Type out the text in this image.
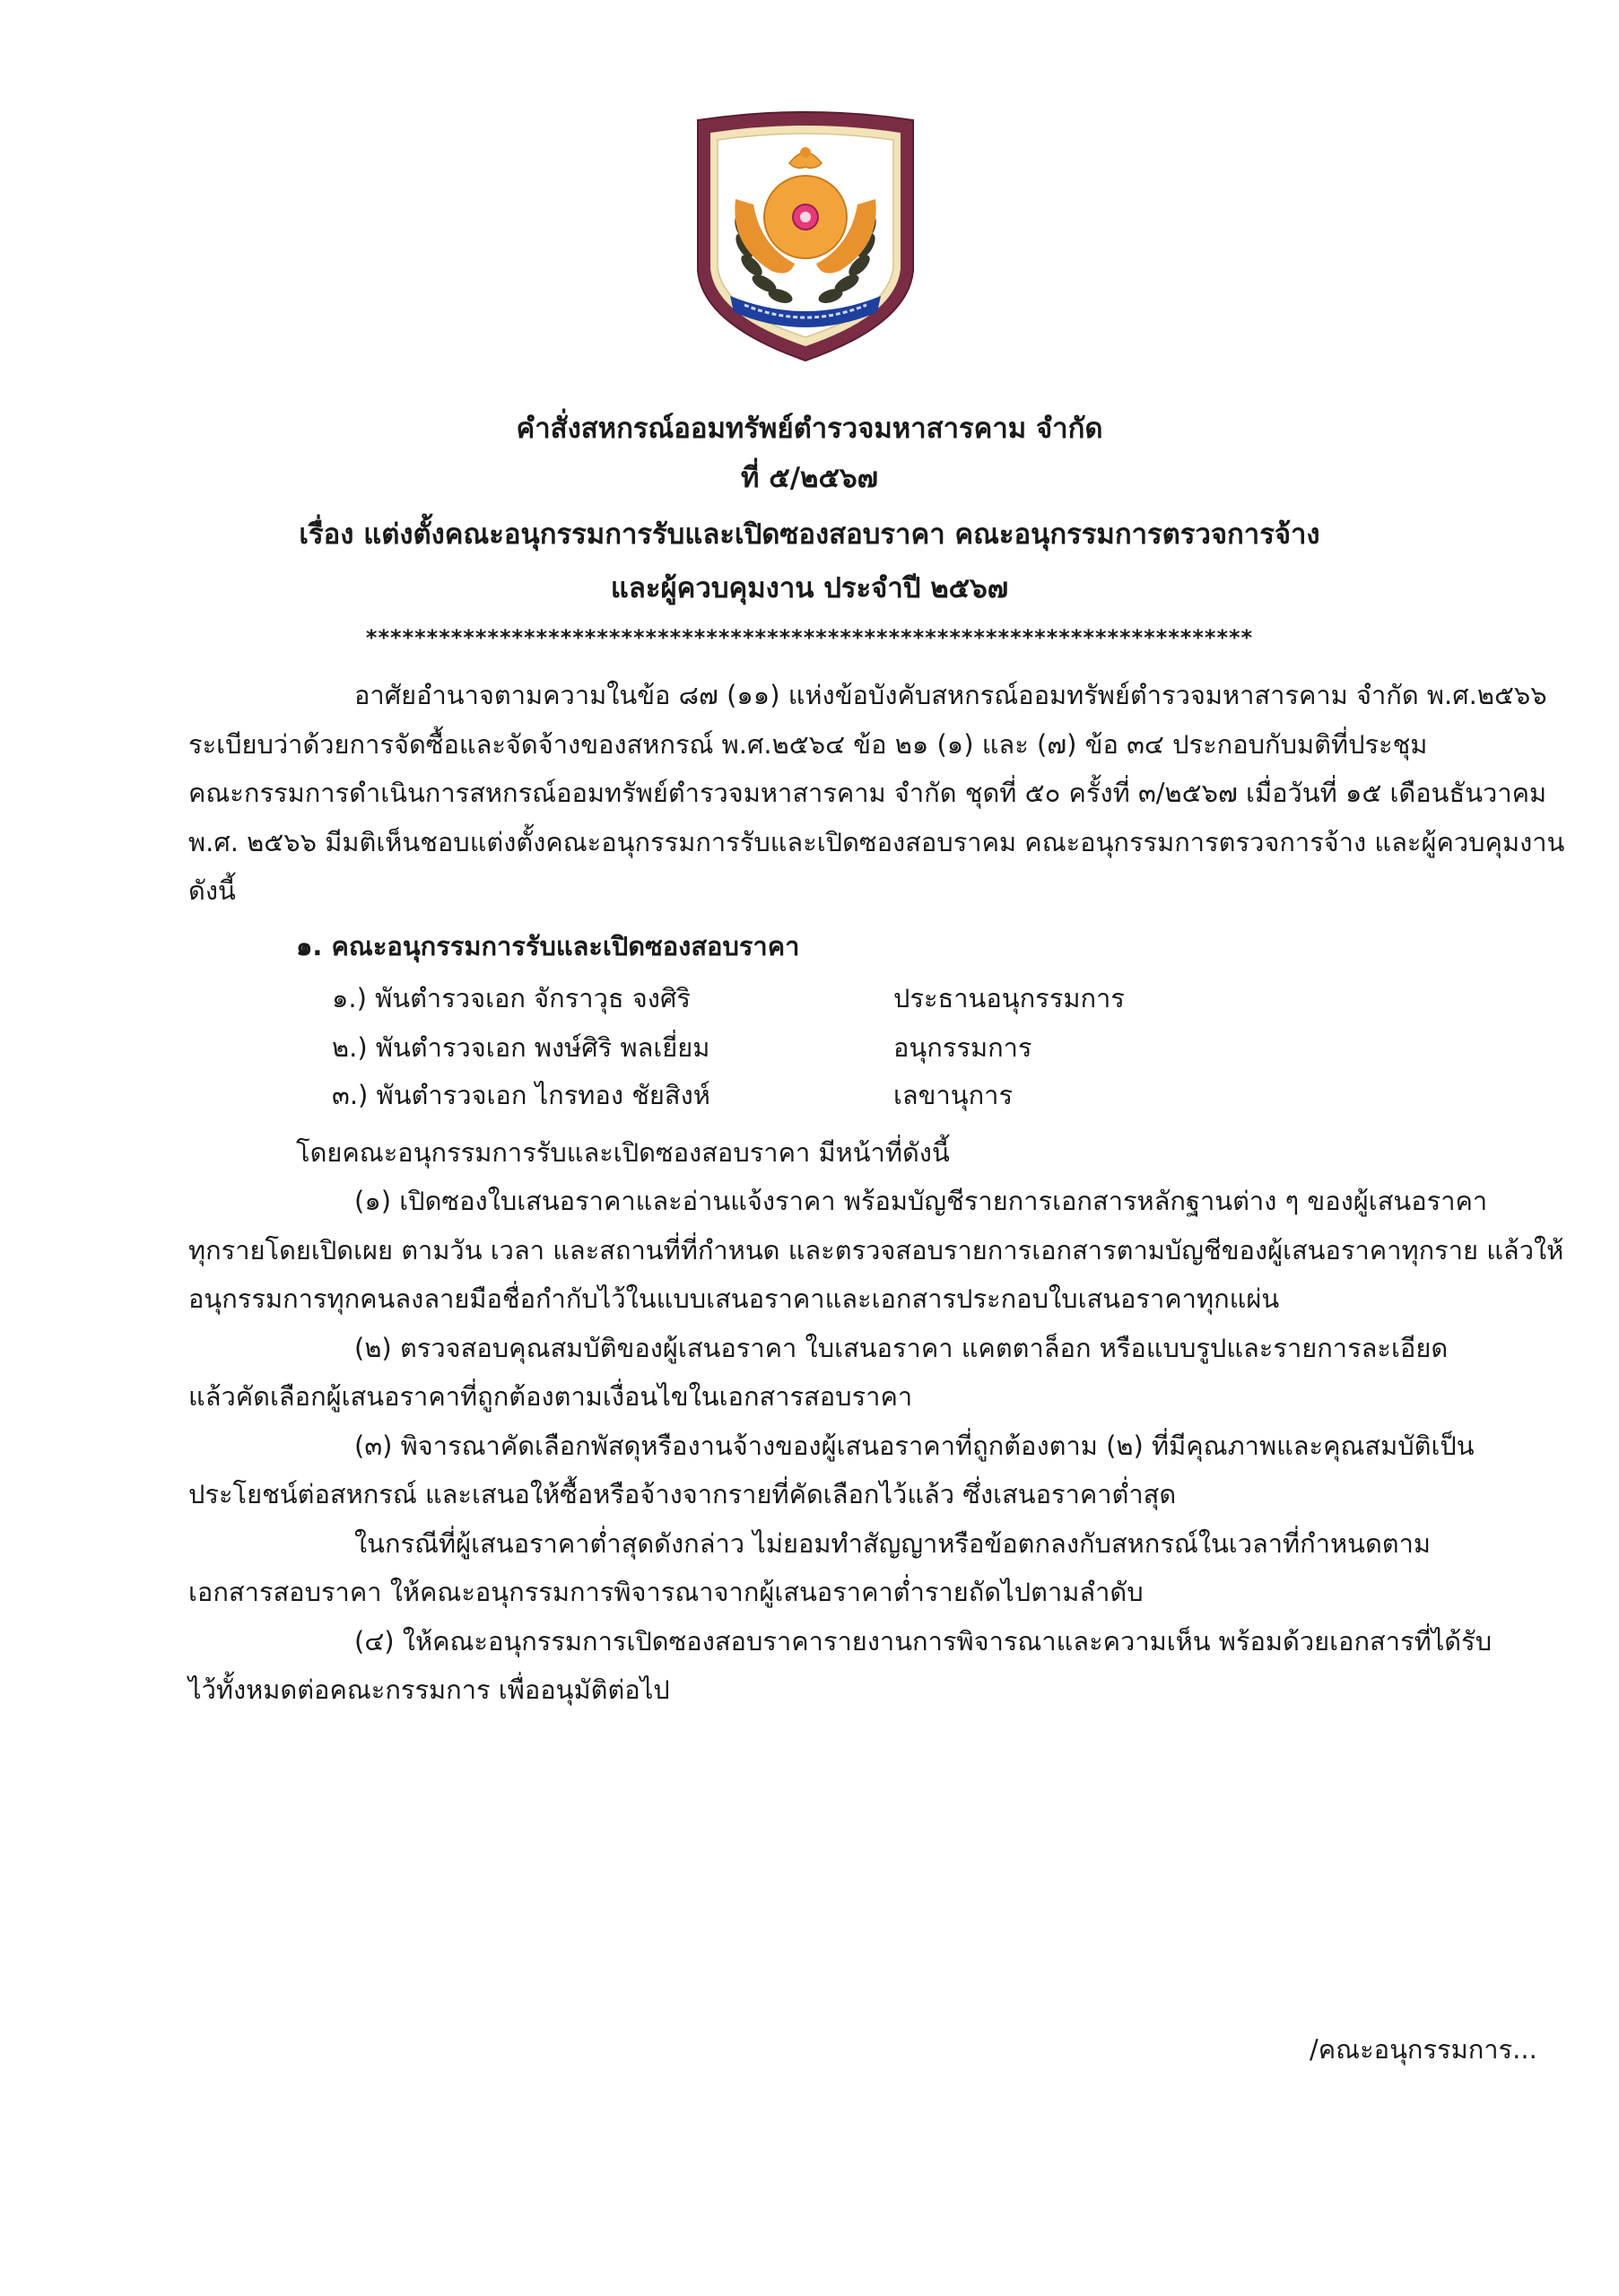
คำสั่งสหกรณ์ออมทรัพย์ตำรวจมหาสารคาม จำกัด
ที่ ๕/๒๕๖๗
เรื่อง แต่งตั้งคณะอนุกรรมการรับและเปิดซองสอบราคา คณะอนุกรรมการตรวจการจ้าง
และผู้ควบคุมงาน ประจำปี ๒๕๖๗
*************************************************************************
อาศัยอำนาจตามความในข้อ ๘๗ (๑๑) แห่งข้อบังคับสหกรณ์ออมทรัพย์ตำรวจมหาสารคาม จำกัด พ.ศ.๒๕๖๖
ระเบียบว่าด้วยการจัดซื้อและจัดจ้างของสหกรณ์ พ.ศ.๒๕๖๔ ข้อ ๒๑ (๑) และ (๗) ข้อ ๓๔ ประกอบกับมติที่ประชุม
คณะกรรมการดำเนินการสหกรณ์ออมทรัพย์ตำรวจมหาสารคาม จำกัด ชุดที่ ๕๐ ครั้งที่ ๓/๒๕๖๗ เมื่อวันที่ ๑๕ เดือนธันวาคม
พ.ศ. ๒๕๖๖ มีมติเห็นชอบแต่งตั้งคณะอนุกรรมการรับและเปิดซองสอบราคม คณะอนุกรรมการตรวจการจ้าง และผู้ควบคุมงาน
ดังนี้
๑. คณะอนุกรรมการรับและเปิดซองสอบราคา
๑.) พันตำรวจเอก จักราวุธ จงศิริ	ประธานอนุกรรมการ
๒.) พันตำรวจเอก พงษ์ศิริ พลเยี่ยม	อนุกรรมการ
๓.) พันตำรวจเอก ไกรทอง ชัยสิงห์	เลขานุการ
โดยคณะอนุกรรมการรับและเปิดซองสอบราคา มีหน้าที่ดังนี้
(๑) เปิดซองใบเสนอราคาและอ่านแจ้งราคา พร้อมบัญชีรายการเอกสารหลักฐานต่าง ๆ ของผู้เสนอราคา
ทุกรายโดยเปิดเผย ตามวัน เวลา และสถานที่ที่กำหนด และตรวจสอบรายการเอกสารตามบัญชีของผู้เสนอราคาทุกราย แล้วให้
อนุกรรมการทุกคนลงลายมือชื่อกำกับไว้ในแบบเสนอราคาและเอกสารประกอบใบเสนอราคาทุกแผ่น
(๒) ตรวจสอบคุณสมบัติของผู้เสนอราคา ใบเสนอราคา แคตตาล็อก หรือแบบรูปและรายการละเอียด
แล้วคัดเลือกผู้เสนอราคาที่ถูกต้องตามเงื่อนไขในเอกสารสอบราคา
(๓) พิจารณาคัดเลือกพัสดุหรืองานจ้างของผู้เสนอราคาที่ถูกต้องตาม (๒) ที่มีคุณภาพและคุณสมบัติเป็น
ประโยชน์ต่อสหกรณ์ และเสนอให้ซื้อหรือจ้างจากรายที่คัดเลือกไว้แล้ว ซึ่งเสนอราคาต่ำสุด
ในกรณีที่ผู้เสนอราคาต่ำสุดดังกล่าว ไม่ยอมทำสัญญาหรือข้อตกลงกับสหกรณ์ในเวลาที่กำหนดตาม
เอกสารสอบราคา ให้คณะอนุกรรมการพิจารณาจากผู้เสนอราคาต่ำรายถัดไปตามลำดับ
(๔) ให้คณะอนุกรรมการเปิดซองสอบราคารายงานการพิจารณาและความเห็น พร้อมด้วยเอกสารที่ได้รับ
ไว้ทั้งหมดต่อคณะกรรมการ เพื่ออนุมัติต่อไป
/คณะอนุกรรมการ...
